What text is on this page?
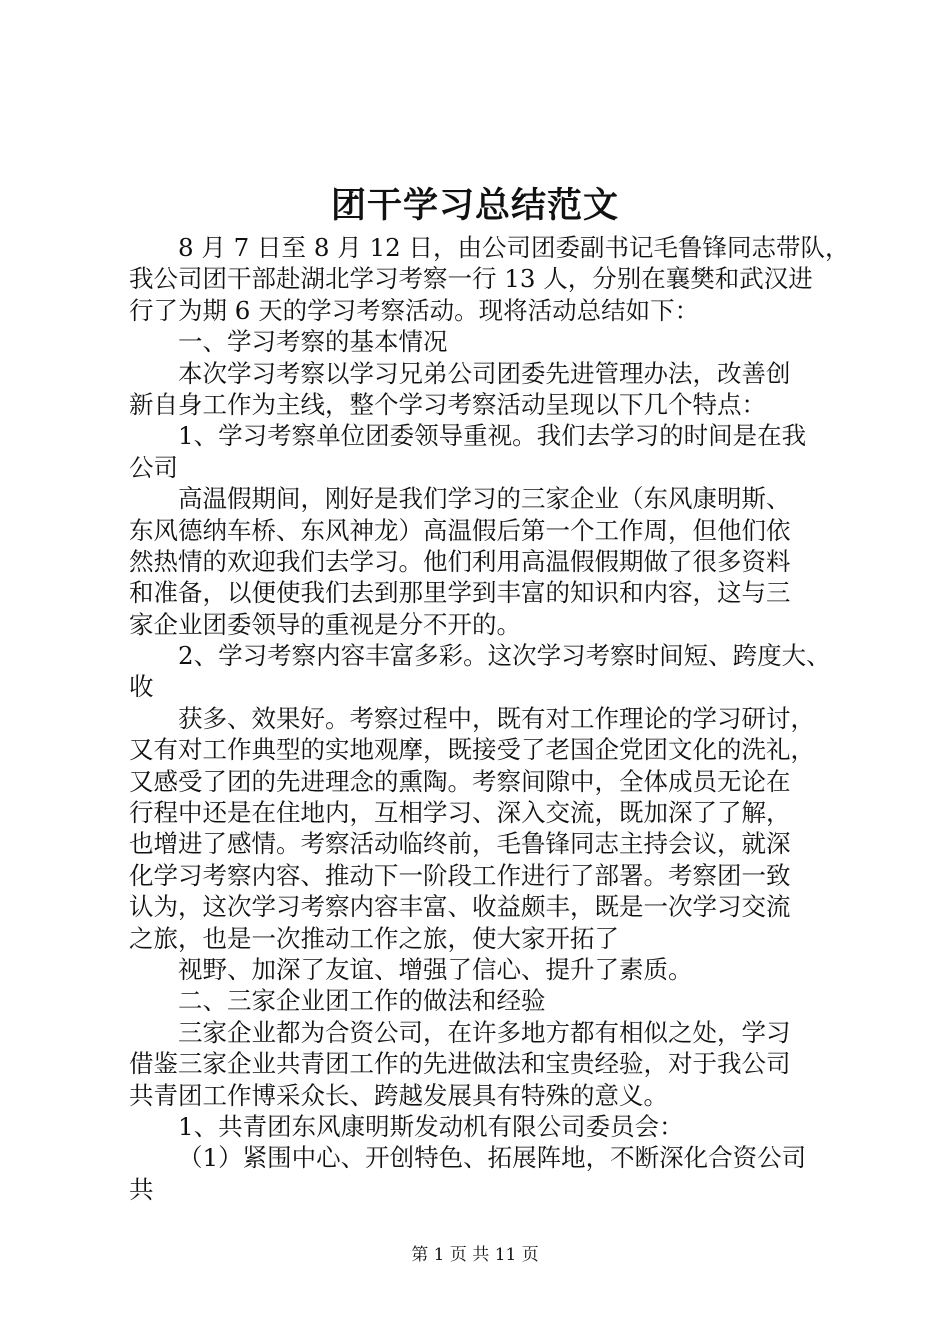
团干学习总结范文
8 月 7 日至 8 月 12 日，由公司团委副书记毛鲁锋同志带队，
我公司团干部赴湖北学习考察一行 13 人，分别在襄樊和武汉进
行了为期 6 天的学习考察活动。现将活动总结如下：
一、学习考察的基本情况
本次学习考察以学习兄弟公司团委先进管理办法，改善创
新自身工作为主线，整个学习考察活动呈现以下几个特点：
1、学习考察单位团委领导重视。我们去学习的时间是在我
公司
高温假期间，刚好是我们学习的三家企业（东风康明斯、
东风德纳车桥、东风神龙）高温假后第一个工作周，但他们依
然热情的欢迎我们去学习。他们利用高温假假期做了很多资料
和准备，以便使我们去到那里学到丰富的知识和内容，这与三
家企业团委领导的重视是分不开的。
2、学习考察内容丰富多彩。这次学习考察时间短、跨度大、
收
获多、效果好。考察过程中，既有对工作理论的学习研讨，
又有对工作典型的实地观摩，既接受了老国企党团文化的洗礼，
又感受了团的先进理念的熏陶。考察间隙中，全体成员无论在
行程中还是在住地内，互相学习、深入交流，既加深了了解，
也增进了感情。考察活动临终前，毛鲁锋同志主持会议，就深
化学习考察内容、推动下一阶段工作进行了部署。考察团一致
认为，这次学习考察内容丰富、收益颇丰，既是一次学习交流
之旅，也是一次推动工作之旅，使大家开拓了
视野、加深了友谊、增强了信心、提升了素质。
二、三家企业团工作的做法和经验
三家企业都为合资公司，在许多地方都有相似之处，学习
借鉴三家企业共青团工作的先进做法和宝贵经验，对于我公司
共青团工作博采众长、跨越发展具有特殊的意义。
1、共青团东风康明斯发动机有限公司委员会：
（1）紧围中心、开创特色、拓展阵地，不断深化合资公司
共
第 1 页 共 11 页
